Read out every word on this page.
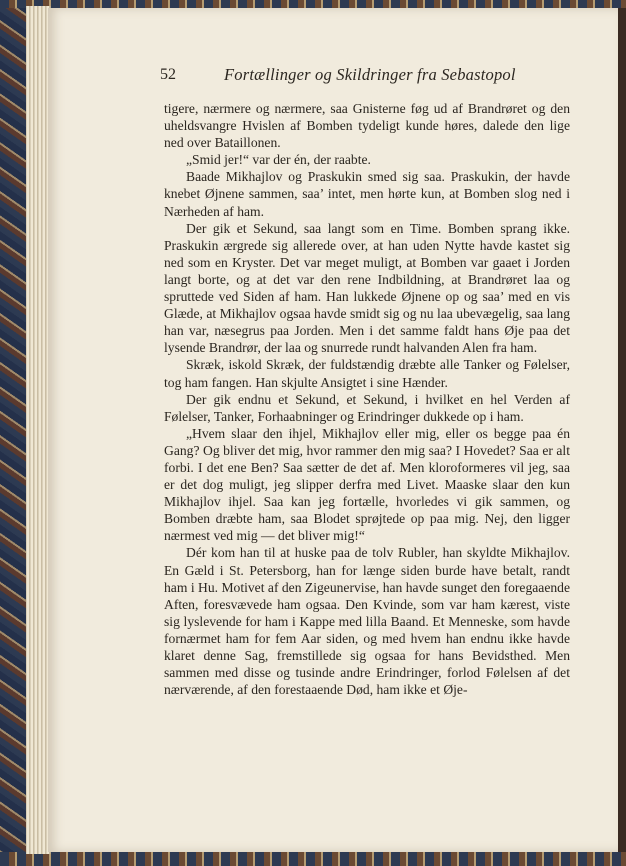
52	Fortællinger og Skildringer fra Sebastopol

tigere, nærmere og nærmere, saa Gnisterne føg ud af Brandrøret og den uheldsvangre Hvislen af Bomben tydeligt kunde høres, dalede den lige ned over Bataillonen.

„Smid jer!“ var der én, der raabte.

Baade Mikhajlov og Praskukin smed sig saa. Praskukin, der havde knebet Øjnene sammen, saa’ intet, men hørte kun, at Bomben slog ned i Nærheden af ham.

Der gik et Sekund, saa langt som en Time. Bomben sprang ikke. Praskukin ærgrede sig allerede over, at han uden Nytte havde kastet sig ned som en Kryster. Det var meget muligt, at Bomben var gaaet i Jorden langt borte, og at det var den rene Indbildning, at Brandrøret laa og spruttede ved Siden af ham. Han lukkede Øjnene op og saa’ med en vis Glæde, at Mikhajlov ogsaa havde smidt sig og nu laa ubevægelig, saa lang han var, næsegrus paa Jorden. Men i det samme faldt hans Øje paa det lysende Brandrør, der laa og snurrede rundt halvanden Alen fra ham.

Skræk, iskold Skræk, der fuldstændig dræbte alle Tanker og Følelser, tog ham fangen. Han skjulte Ansigtet i sine Hænder.

Der gik endnu et Sekund, et Sekund, i hvilket en hel Verden af Følelser, Tanker, Forhaabninger og Erindringer dukkede op i ham.

„Hvem slaar den ihjel, Mikhajlov eller mig, eller os begge paa én Gang? Og bliver det mig, hvor rammer den mig saa? I Hovedet? Saa er alt forbi. I det ene Ben? Saa sætter de det af. Men kloroformeres vil jeg, saa er det dog muligt, jeg slipper derfra med Livet. Maaske slaar den kun Mikhajlov ihjel. Saa kan jeg fortælle, hvorledes vi gik sammen, og Bomben dræbte ham, saa Blodet sprøjtede op paa mig. Nej, den ligger nærmest ved mig — det bliver mig!“

Dér kom han til at huske paa de tolv Rubler, han skyldte Mikhajlov. En Gæld i St. Petersborg, han for længe siden burde have betalt, randt ham i Hu. Motivet af den Zigeunervise, han havde sunget den foregaaende Aften, foresvævede ham ogsaa. Den Kvinde, som var ham kærest, viste sig lyslevende for ham i Kappe med lilla Baand. Et Menneske, som havde fornærmet ham for fem Aar siden, og med hvem han endnu ikke havde klaret denne Sag, fremstillede sig ogsaa for hans Bevidsthed. Men sammen med disse og tusinde andre Erindringer, forlod Følelsen af det nærværende, af den forestaaende Død, ham ikke et Øje-
